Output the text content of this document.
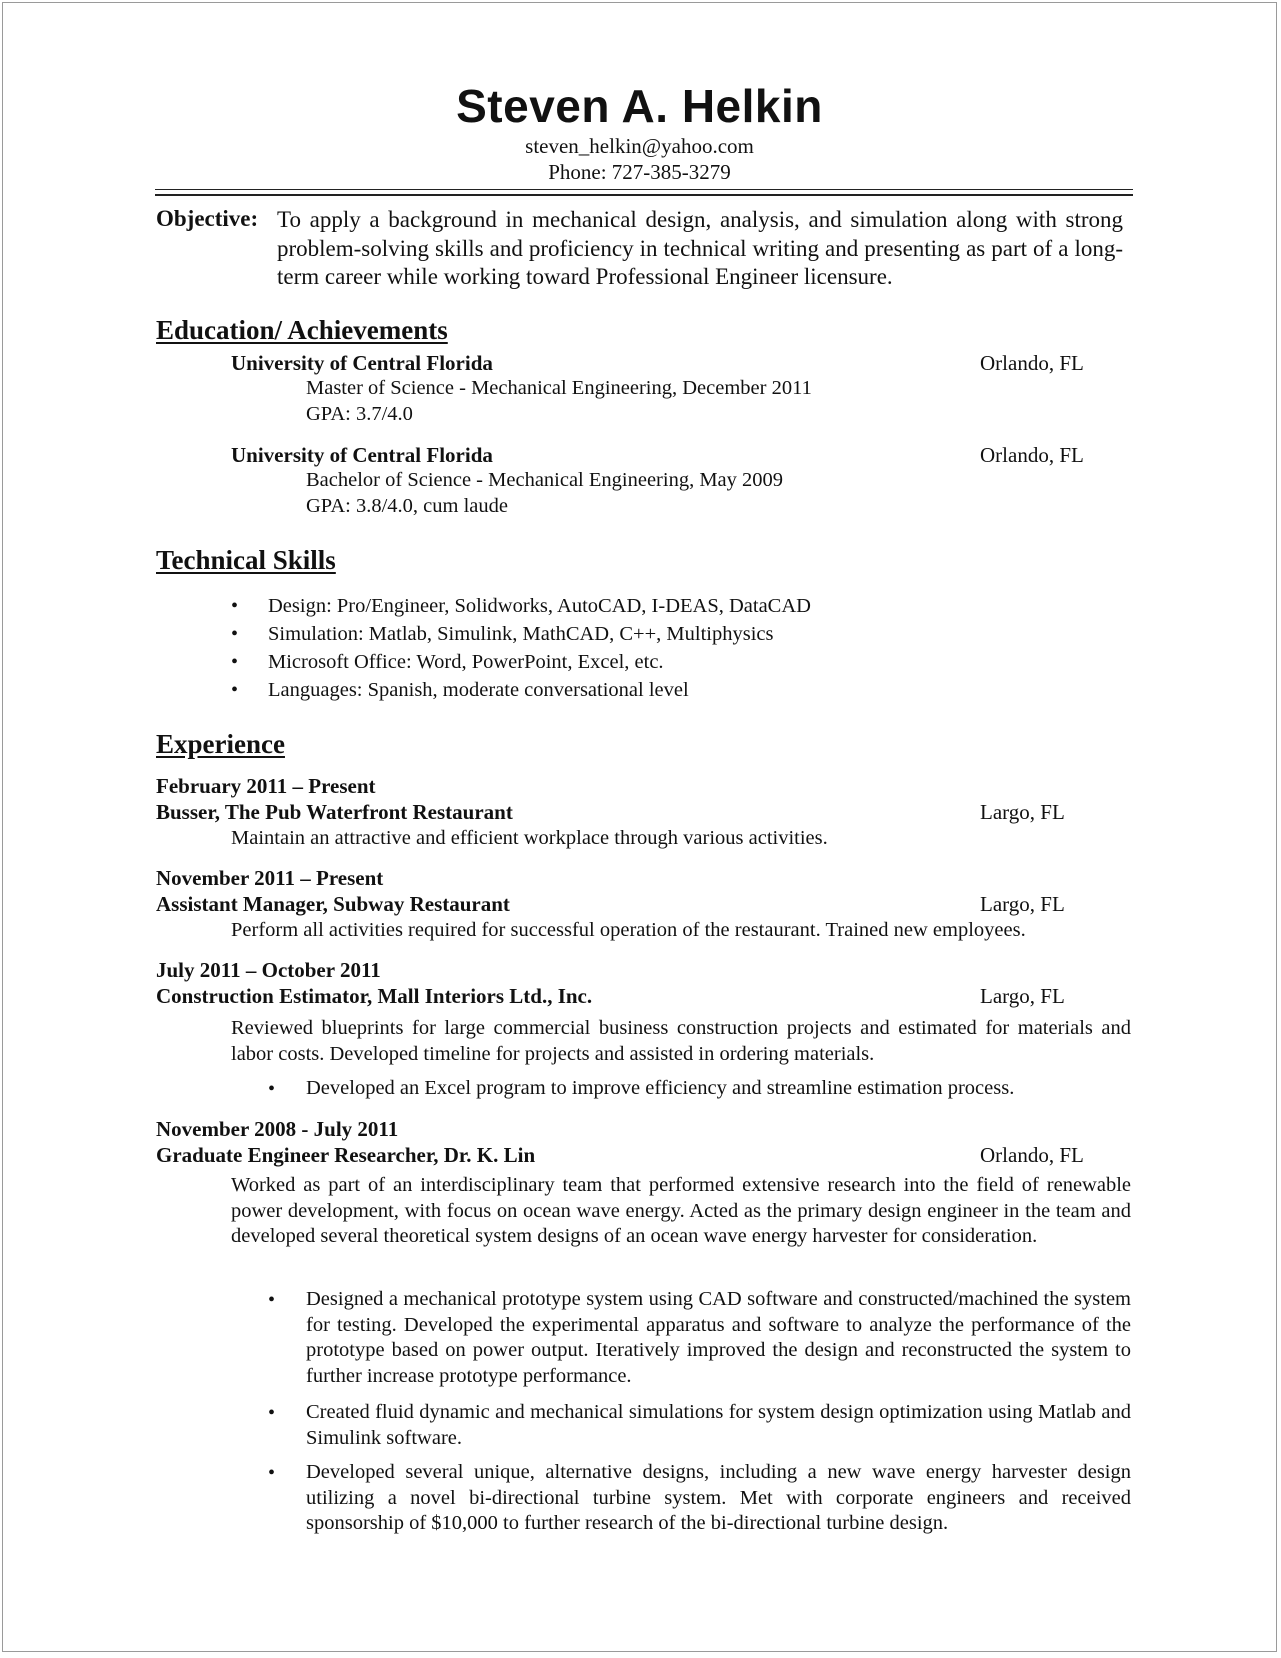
Steven A. Helkin
steven_helkin@yahoo.com
Phone: 727-385-3279
Objective: To apply a background in mechanical design, analysis, and simulation along with strong problem-solving skills and proficiency in technical writing and presenting as part of a long-term career while working toward Professional Engineer licensure.
Education/ Achievements
University of Central Florida	Orlando, FL
Master of Science - Mechanical Engineering, December 2011
GPA: 3.7/4.0
University of Central Florida	Orlando, FL
Bachelor of Science - Mechanical Engineering, May 2009
GPA: 3.8/4.0, cum laude
Technical Skills
• Design: Pro/Engineer, Solidworks, AutoCAD, I-DEAS, DataCAD
• Simulation: Matlab, Simulink, MathCAD, C++, Multiphysics
• Microsoft Office: Word, PowerPoint, Excel, etc.
• Languages: Spanish, moderate conversational level
Experience
February 2011 – Present
Busser, The Pub Waterfront Restaurant	Largo, FL
Maintain an attractive and efficient workplace through various activities.
November 2011 – Present
Assistant Manager, Subway Restaurant	Largo, FL
Perform all activities required for successful operation of the restaurant. Trained new employees.
July 2011 – October 2011
Construction Estimator, Mall Interiors Ltd., Inc.	Largo, FL
Reviewed blueprints for large commercial business construction projects and estimated for materials and labor costs. Developed timeline for projects and assisted in ordering materials.
• Developed an Excel program to improve efficiency and streamline estimation process.
November 2008 - July 2011
Graduate Engineer Researcher, Dr. K. Lin	Orlando, FL
Worked as part of an interdisciplinary team that performed extensive research into the field of renewable power development, with focus on ocean wave energy. Acted as the primary design engineer in the team and developed several theoretical system designs of an ocean wave energy harvester for consideration.
• Designed a mechanical prototype system using CAD software and constructed/machined the system for testing. Developed the experimental apparatus and software to analyze the performance of the prototype based on power output. Iteratively improved the design and reconstructed the system to further increase prototype performance.
• Created fluid dynamic and mechanical simulations for system design optimization using Matlab and Simulink software.
• Developed several unique, alternative designs, including a new wave energy harvester design utilizing a novel bi-directional turbine system. Met with corporate engineers and received sponsorship of $10,000 to further research of the bi-directional turbine design.
